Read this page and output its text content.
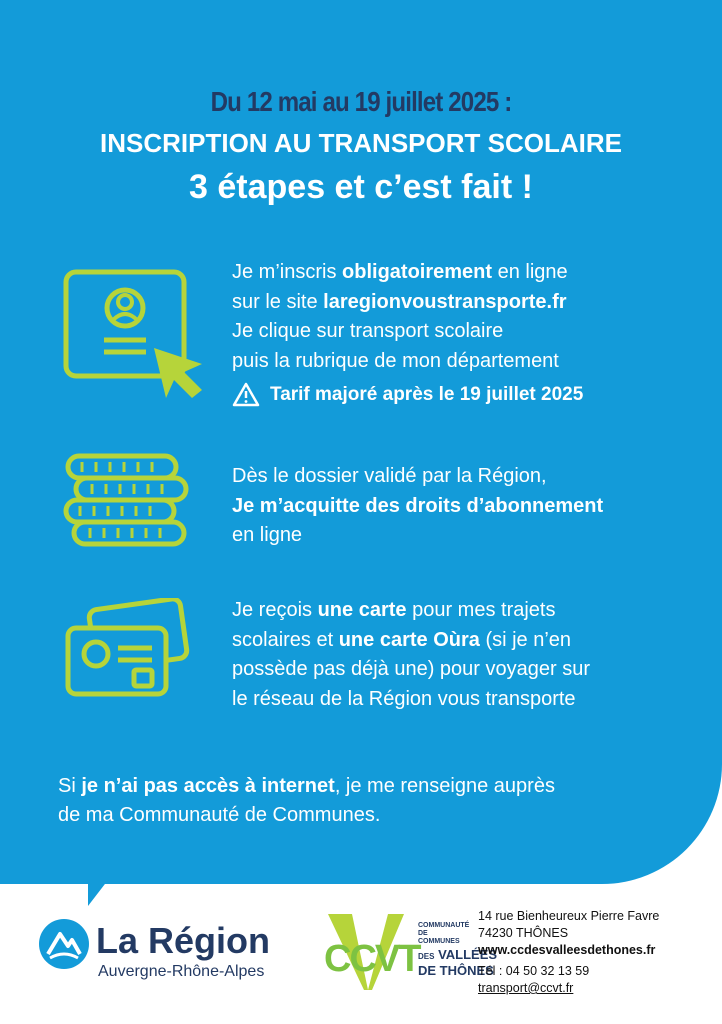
Du 12 mai au 19 juillet 2025 :
INSCRIPTION AU TRANSPORT SCOLAIRE
3 étapes et c’est fait !
Je m’inscris obligatoirement en ligne
sur le site laregionvoustransporte.fr
Je clique sur transport scolaire
puis la rubrique de mon département
Tarif majoré après le 19 juillet 2025
Dès le dossier validé par la Région,
Je m’acquitte des droits d’abonnement
en ligne
Je reçois une carte pour mes trajets
scolaires et une carte Oùra (si je n’en
possède pas déjà une) pour voyager sur
le réseau de la Région vous transporte
Si je n’ai pas accès à internet, je me renseigne auprès
de ma Communauté de Communes.
La Région
Auvergne-Rhône-Alpes CCVT
COMMUNAUTÉ DE COMMUNES
DES VALLÉES
DE THÔNES
14 rue Bienheureux Pierre Favre
74230 THÔNES
www.ccdesvalleesdethones.fr
Tél : 04 50 32 13 59
transport@ccvt.fr
